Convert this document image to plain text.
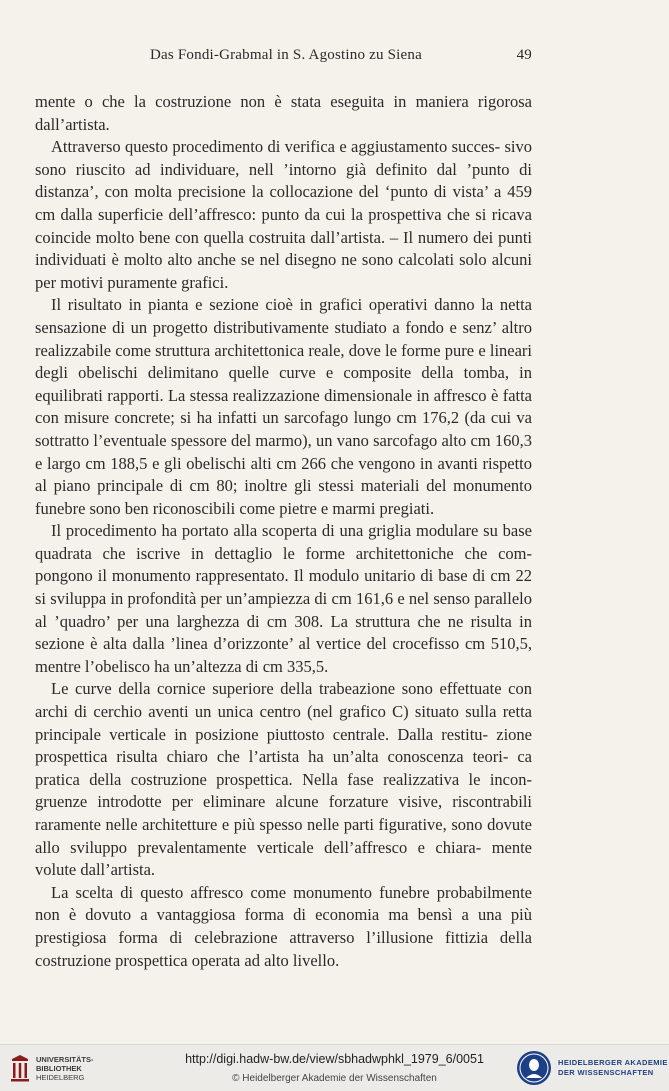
Das Fondi-Grabmal in S. Agostino zu Siena	49

mente o che la costruzione non è stata eseguita in maniera rigorosa dall’artista.

Attraverso questo procedimento di verifica e aggiustamento succes- sivo sono riuscito ad individuare, nell ’intorno già definito dal ’punto di distanza’, con molta precisione la collocazione del ‘punto di vista’ a 459 cm dalla superficie dell’affresco: punto da cui la prospettiva che si ricava coincide molto bene con quella costruita dall’artista. – Il numero dei punti individuati è molto alto anche se nel disegno ne sono calcolati solo alcuni per motivi puramente grafici.

Il risultato in pianta e sezione cioè in grafici operativi danno la netta sensazione di un progetto distributivamente studiato a fondo e senz’ altro realizzabile come struttura architettonica reale, dove le forme pure e lineari degli obelischi delimitano quelle curve e composite della tomba, in equilibrati rapporti. La stessa realizzazione dimensionale in affresco è fatta con misure concrete; si ha infatti un sarcofago lungo cm 176,2 (da cui va sottratto l’eventuale spessore del marmo), un vano sarcofago alto cm 160,3 e largo cm 188,5 e gli obelischi alti cm 266 che vengono in avanti rispetto al piano principale di cm 80; inoltre gli stessi materiali del monumento funebre sono ben riconoscibili come pietre e marmi pregiati.

Il procedimento ha portato alla scoperta di una griglia modulare su base quadrata che iscrive in dettaglio le forme architettoniche che com- pongono il monumento rappresentato. Il modulo unitario di base di cm 22 si sviluppa in profondità per un’ampiezza di cm 161,6 e nel senso parallelo al ’quadro’ per una larghezza di cm 308. La struttura che ne risulta in sezione è alta dalla ’linea d’orizzonte’ al vertice del crocefisso cm 510,5, mentre l’obelisco ha un’altezza di cm 335,5.

Le curve della cornice superiore della trabeazione sono effettuate con archi di cerchio aventi un unica centro (nel grafico C) situato sulla retta principale verticale in posizione piuttosto centrale. Dalla restitu- zione prospettica risulta chiaro che l’artista ha un’alta conoscenza teori- ca pratica della costruzione prospettica. Nella fase realizzativa le incon- gruenze introdotte per eliminare alcune forzature visive, riscontrabili raramente nelle architetture e più spesso nelle parti figurative, sono dovute allo sviluppo prevalentamente verticale dell’affresco e chiara- mente volute dall’artista.

La scelta di questo affresco come monumento funebre probabilmente non è dovuto a vantaggiosa forma di economia ma bensì a una più prestigiosa forma di celebrazione attraverso l’illusione fittizia della costruzione prospettica operata ad alto livello.

UNIVERSITÄTS-
BIBLIOTHEK
HEIDELBERG
http://digi.hadw-bw.de/view/sbhadwphkl_1979_6/0051
© Heidelberger Akademie der Wissenschaften
HEIDELBERGER AKADEMIE
DER WISSENSCHAFTEN
